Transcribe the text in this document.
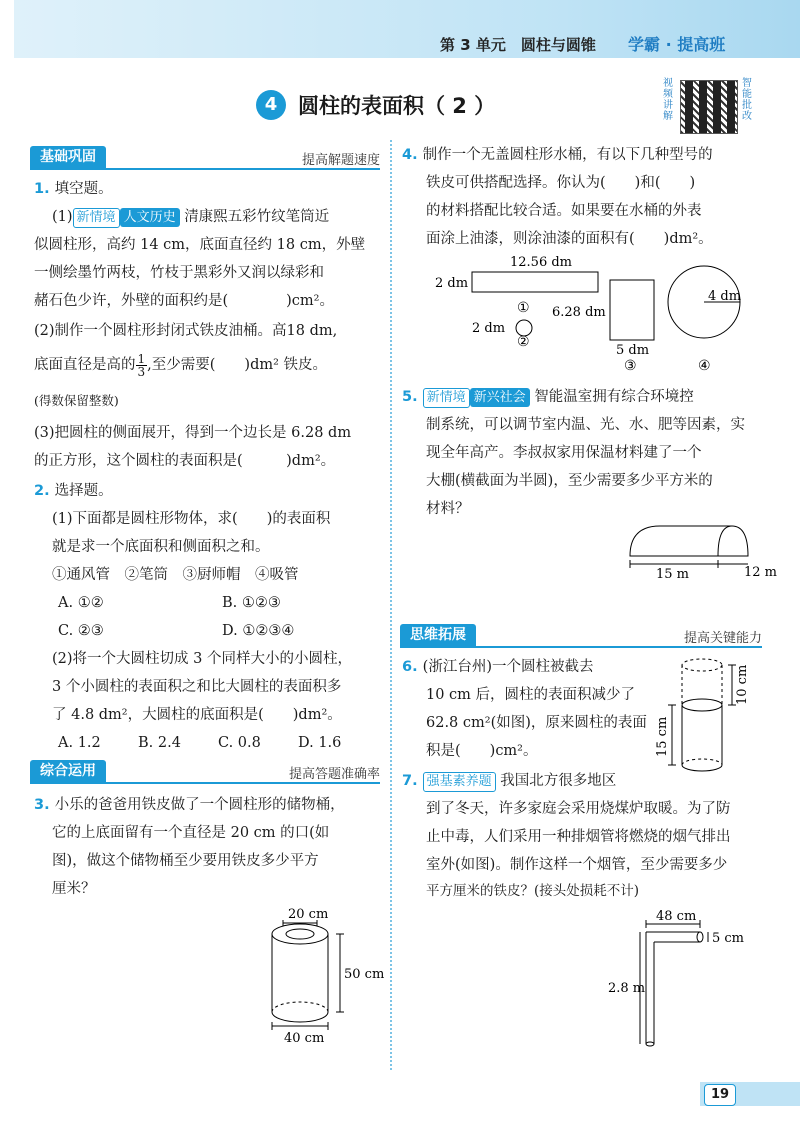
第 3 单元　圆柱与圆锥 学霸 · 提高班
4 圆柱的表面积（ 2 ）
视频讲解
智能批改
基础巩固	提高解题速度
1. 填空题。
(1) 新情境 人文历史 清康熙五彩竹纹笔筒近
似圆柱形，高约 14 cm，底面直径约 18 cm，外壁
一侧绘墨竹两枝，竹枝于黑彩外又润以绿彩和
赭石色少许，外壁的面积约是(　　　　)cm²。
(2)制作一个圆柱形封闭式铁皮油桶。高18 dm,
底面直径是高的 $\frac{1}{3}$ ,至少需要(　　)dm² 铁皮。
(得数保留整数)
(3)把圆柱的侧面展开，得到一个边长是 6.28 dm
的正方形，这个圆柱的表面积是(　　　)dm²。
2. 选择题。
(1)下面都是圆柱形物体，求(　　)的表面积
就是求一个底面积和侧面积之和。
①通风管　②笔筒　③厨师帽　④吸管
A. ①②	B. ①②③
C. ②③	D. ①②③④
(2)将一个大圆柱切成 3 个同样大小的小圆柱，
3 个小圆柱的表面积之和比大圆柱的表面积多
了 4.8 dm²，大圆柱的底面积是(　　)dm²。
A. 1.2	B. 2.4	C. 0.8	D. 1.6
综合运用	提高答题准确率
3. 小乐的爸爸用铁皮做了一个圆柱形的储物桶，
它的上底面留有一个直径是 20 cm 的口(如
图)，做这个储物桶至少要用铁皮多少平方
厘米？
20 cm
50 cm
40 cm
4. 制作一个无盖圆柱形水桶，有以下几种型号的
铁皮可供搭配选择。你认为(　　)和(　　)
的材料搭配比较合适。如果要在水桶的外表
面涂上油漆，则涂油漆的面积有(　　)dm²。
12.56 dm
2 dm
①
2 dm
②
6.28 dm
5 dm
③
4 dm
④
5. 新情境 新兴社会 智能温室拥有综合环境控
制系统，可以调节室内温、光、水、肥等因素，实
现全年高产。李叔叔家用保温材料建了一个
大棚(横截面为半圆)，至少需要多少平方米的
材料？
15 m	12 m
思维拓展	提高关键能力
6. (浙江台州)一个圆柱被截去
10 cm 后，圆柱的表面积减少了
62.8 cm²(如图)，原来圆柱的表面
积是(　　)cm²。
10 cm
15 cm
7. 强基素养题 我国北方很多地区
到了冬天，许多家庭会采用烧煤炉取暖。为了防
止中毒，人们采用一种排烟管将燃烧的烟气排出
室外(如图)。制作这样一个烟管，至少需要多少
平方厘米的铁皮？(接头处损耗不计)
48 cm
5 cm
2.8 m
19
